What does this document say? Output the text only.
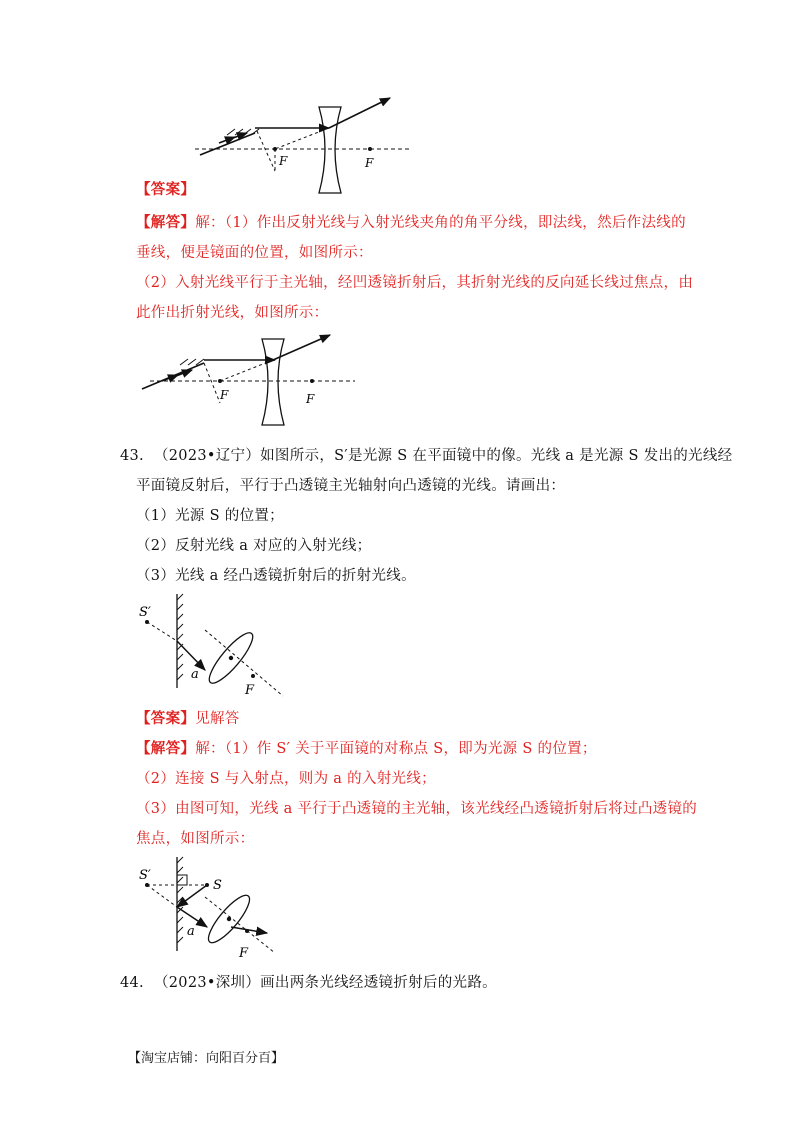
F	F
【答案】
【解答】解：（1）作出反射光线与入射光线夹角的角平分线，即法线，然后作法线的
垂线，便是镜面的位置，如图所示：
（2）入射光线平行于主光轴，经凹透镜折射后，其折射光线的反向延长线过焦点，由
此作出折射光线，如图所示：
F	F
43. （2023•辽宁）如图所示，S′是光源 S 在平面镜中的像。光线 a 是光源 S 发出的光线经
平面镜反射后，平行于凸透镜主光轴射向凸透镜的光线。请画出：
（1）光源 S 的位置；
（2）反射光线 a 对应的入射光线；
（3）光线 a 经凸透镜折射后的折射光线。
S′
a
F
【答案】见解答
【解答】解：（1）作 S′ 关于平面镜的对称点 S，即为光源 S 的位置；
（2）连接 S 与入射点，则为 a 的入射光线；
（3）由图可知，光线 a 平行于凸透镜的主光轴，该光线经凸透镜折射后将过凸透镜的
焦点，如图所示：
S′
S
a
F
44. （2023•深圳）画出两条光线经透镜折射后的光路。
【淘宝店铺：向阳百分百】
